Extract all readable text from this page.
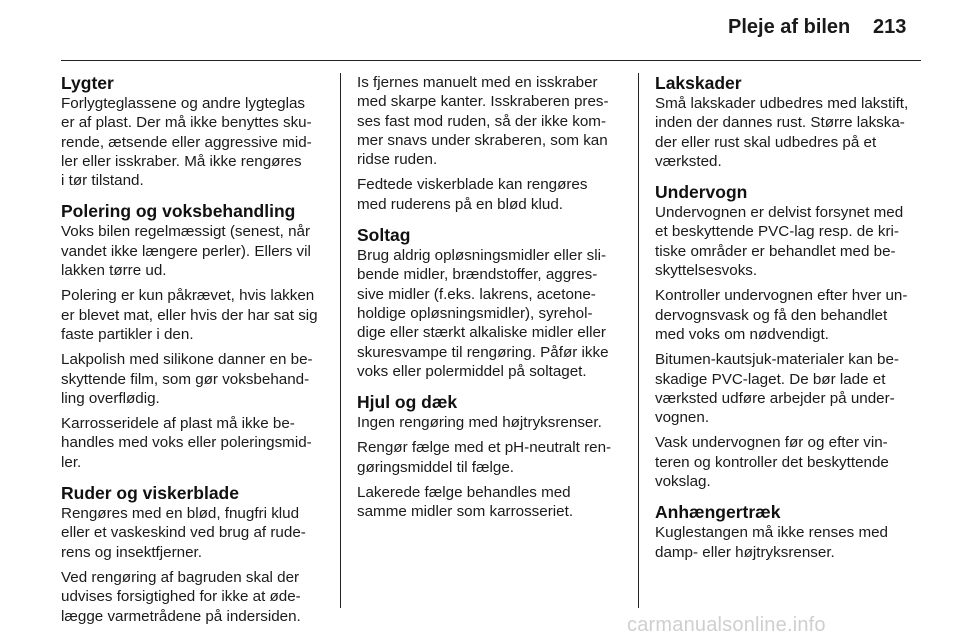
Pleje af bilen 213
Lygter
Forlygteglassene og andre lygteglas
er af plast. Der må ikke benyttes sku-
rende, ætsende eller aggressive mid-
ler eller isskraber. Må ikke rengøres
i tør tilstand.
Polering og voksbehandling
Voks bilen regelmæssigt (senest, når
vandet ikke længere perler). Ellers vil
lakken tørre ud.
Polering er kun påkrævet, hvis lakken
er blevet mat, eller hvis der har sat sig
faste partikler i den.
Lakpolish med silikone danner en be-
skyttende film, som gør voksbehand-
ling overflødig.
Karrosseridele af plast må ikke be-
handles med voks eller poleringsmid-
ler.
Ruder og viskerblade
Rengøres med en blød, fnugfri klud
eller et vaskeskind ved brug af rude-
rens og insektfjerner.
Ved rengøring af bagruden skal der
udvises forsigtighed for ikke at øde-
lægge varmetrådene på indersiden.
Is fjernes manuelt med en isskraber
med skarpe kanter. Isskraberen pres-
ses fast mod ruden, så der ikke kom-
mer snavs under skraberen, som kan
ridse ruden.
Fedtede viskerblade kan rengøres
med ruderens på en blød klud.
Soltag
Brug aldrig opløsningsmidler eller sli-
bende midler, brændstoffer, aggres-
sive midler (f.eks. lakrens, acetone-
holdige opløsningsmidler), syrehol-
dige eller stærkt alkaliske midler eller
skuresvampe til rengøring. Påfør ikke
voks eller polermiddel på soltaget.
Hjul og dæk
Ingen rengøring med højtryksrenser.
Rengør fælge med et pH-neutralt ren-
gøringsmiddel til fælge.
Lakerede fælge behandles med
samme midler som karrosseriet.
Lakskader
Små lakskader udbedres med lakstift,
inden der dannes rust. Større lakska-
der eller rust skal udbedres på et
værksted.
Undervogn
Undervognen er delvist forsynet med
et beskyttende PVC-lag resp. de kri-
tiske områder er behandlet med be-
skyttelsesvoks.
Kontroller undervognen efter hver un-
dervognsvask og få den behandlet
med voks om nødvendigt.
Bitumen-kautsjuk-materialer kan be-
skadige PVC-laget. De bør lade et
værksted udføre arbejder på under-
vognen.
Vask undervognen før og efter vin-
teren og kontroller det beskyttende
vokslag.
Anhængertræk
Kuglestangen må ikke renses med
damp- eller højtryksrenser.
carmanualsonline.info
